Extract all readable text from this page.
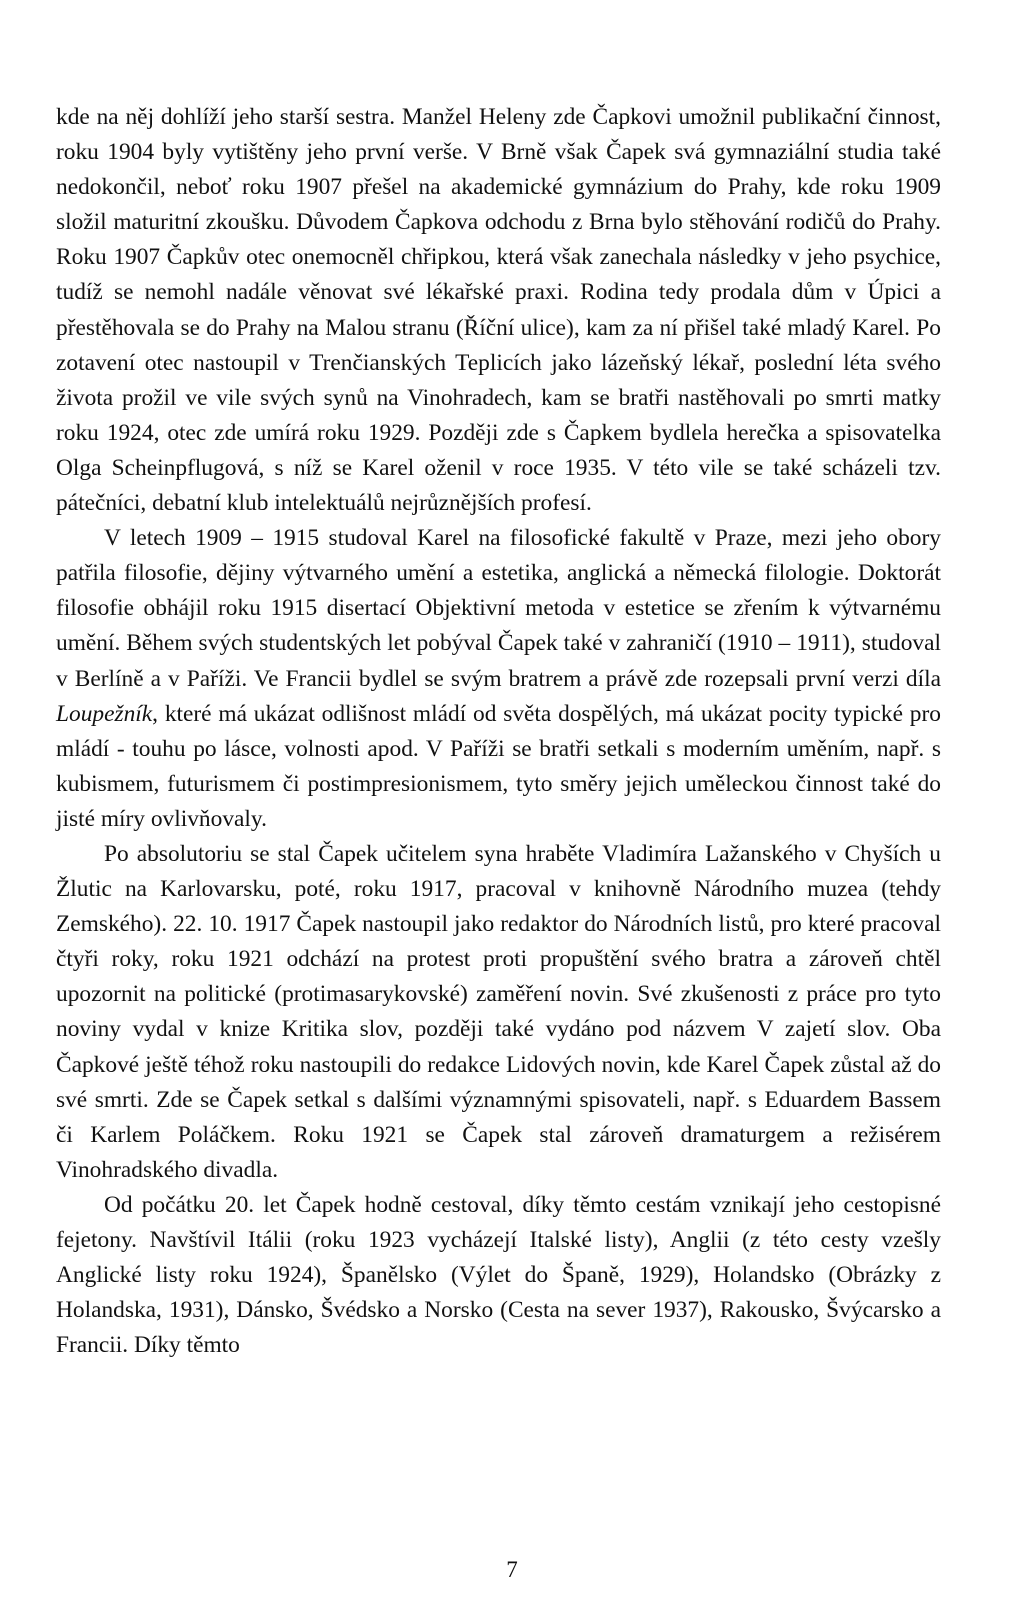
kde na něj dohlíží jeho starší sestra. Manžel Heleny zde Čapkovi umožnil publikační činnost, roku 1904 byly vytištěny jeho první verše. V Brně však Čapek svá gymnaziální studia také nedokončil, neboť roku 1907 přešel na akademické gymnázium do Prahy, kde roku 1909 složil maturitní zkoušku. Důvodem Čapkova odchodu z Brna bylo stěhování rodičů do Prahy. Roku 1907 Čapkův otec onemocněl chřipkou, která však zanechala následky v jeho psychice, tudíž se nemohl nadále věnovat své lékařské praxi. Rodina tedy prodala dům v Úpici a přestěhovala se do Prahy na Malou stranu (Říční ulice), kam za ní přišel také mladý Karel. Po zotavení otec nastoupil v Trenčianských Teplicích jako lázeňský lékař, poslední léta svého života prožil ve vile svých synů na Vinohradech, kam se bratři nastěhovali po smrti matky roku 1924, otec zde umírá roku 1929. Později zde s Čapkem bydlela herečka a spisovatelka Olga Scheinpflugová, s níž se Karel oženil v roce 1935. V této vile se také scházeli tzv. pátečníci, debatní klub intelektuálů nejrůznějších profesí.

V letech 1909 – 1915 studoval Karel na filosofické fakultě v Praze, mezi jeho obory patřila filosofie, dějiny výtvarného umění a estetika, anglická a německá filologie. Doktorát filosofie obhájil roku 1915 disertací Objektivní metoda v estetice se zřením k výtvarnému umění. Během svých studentských let pobýval Čapek také v zahraničí (1910 – 1911), studoval v Berlíně a v Paříži. Ve Francii bydlel se svým bratrem a právě zde rozepsali první verzi díla Loupežník, které má ukázat odlišnost mládí od světa dospělých, má ukázat pocity typické pro mládí - touhu po lásce, volnosti apod. V Paříži se bratři setkali s moderním uměním, např. s kubismem, futurismem či postimpresionismem, tyto směry jejich uměleckou činnost také do jisté míry ovlivňovaly.

Po absolutoriu se stal Čapek učitelem syna hraběte Vladimíra Lažanského v Chyších u Žlutic na Karlovarsku, poté, roku 1917, pracoval v knihovně Národního muzea (tehdy Zemského). 22. 10. 1917 Čapek nastoupil jako redaktor do Národních listů, pro které pracoval čtyři roky, roku 1921 odchází na protest proti propuštění svého bratra a zároveň chtěl upozornit na politické (protimasarykovské) zaměření novin. Své zkušenosti z práce pro tyto noviny vydal v knize Kritika slov, později také vydáno pod názvem V zajetí slov. Oba Čapkové ještě téhož roku nastoupili do redakce Lidových novin, kde Karel Čapek zůstal až do své smrti. Zde se Čapek setkal s dalšími významnými spisovateli, např. s Eduardem Bassem či Karlem Poláčkem. Roku 1921 se Čapek stal zároveň dramaturgem a režisérem Vinohradského divadla.

Od počátku 20. let Čapek hodně cestoval, díky těmto cestám vznikají jeho cestopisné fejetony. Navštívil Itálii (roku 1923 vycházejí Italské listy), Anglii (z této cesty vzešly Anglické listy roku 1924), Španělsko (Výlet do Španě, 1929), Holandsko (Obrázky z Holandska, 1931), Dánsko, Švédsko a Norsko (Cesta na sever 1937), Rakousko, Švýcarsko a Francii. Díky těmto

7
